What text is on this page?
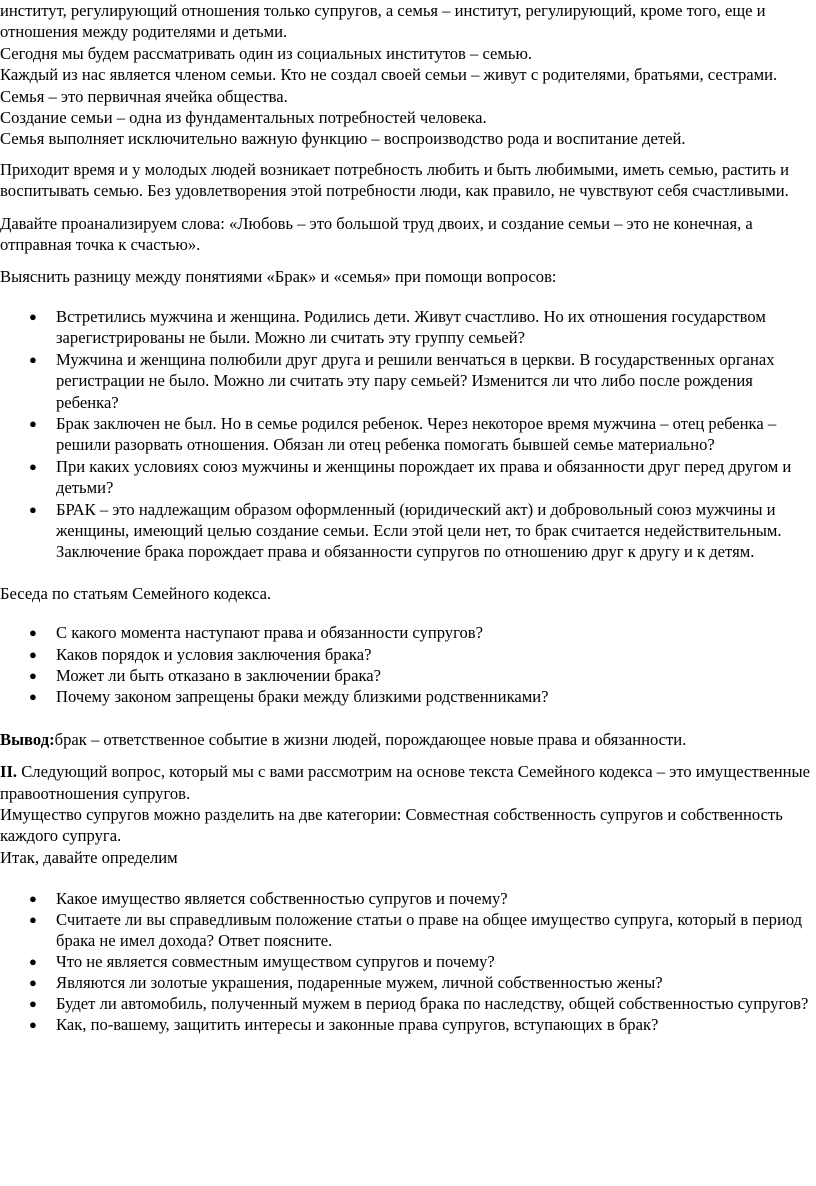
институт, регулирующий отношения только супругов, а семья – институт, регулирующий, кроме того, еще и отношения между родителями и детьми.

Сегодня мы будем рассматривать один из социальных институтов – семью.

Каждый из нас является членом семьи. Кто не создал своей семьи – живут с родителями, братьями, сестрами.

Семья – это первичная ячейка общества.

Создание семьи – одна из фундаментальных потребностей человека.

Семья выполняет исключительно важную функцию – воспроизводство рода и воспитание детей.

Приходит время и у молодых людей возникает потребность любить и быть любимыми, иметь семью, растить и воспитывать семью. Без удовлетворения этой потребности люди, как правило, не чувствуют себя счастливыми.

Давайте проанализируем слова: «Любовь – это большой труд двоих, и создание семьи – это не конечная, а отправная точка к счастью».

Выяснить разницу между понятиями «Брак» и «семья» при помощи вопросов:

● Встретились мужчина и женщина. Родились дети. Живут счастливо. Но их отношения государством зарегистрированы не были. Можно ли считать эту группу семьей?
● Мужчина и женщина полюбили друг друга и решили венчаться в церкви. В государственных органах регистрации не было. Можно ли считать эту пару семьей? Изменится ли что либо после рождения ребенка?
● Брак заключен не был. Но в семье родился ребенок. Через некоторое время мужчина – отец ребенка – решили разорвать отношения. Обязан ли отец ребенка помогать бывшей семье материально?
● При каких условиях союз мужчины и женщины порождает их права и обязанности друг перед другом и детьми?
● БРАК – это надлежащим образом оформленный (юридический акт) и добровольный союз мужчины и женщины, имеющий целью создание семьи. Если этой цели нет, то брак считается недействительным. Заключение брака порождает права и обязанности супругов по отношению друг к другу и к детям.

Беседа по статьям Семейного кодекса.

● С какого момента наступают права и обязанности супругов?
● Каков порядок и условия заключения брака?
● Может ли быть отказано в заключении брака?
● Почему законом запрещены браки между близкими родственниками?

Вывод:брак – ответственное событие в жизни людей, порождающее новые права и обязанности.

II. Следующий вопрос, который мы с вами рассмотрим на основе текста Семейного кодекса – это имущественные правоотношения супругов.

Имущество супругов можно разделить на две категории: Совместная собственность супругов и собственность каждого супруга.

Итак, давайте определим

● Какое имущество является собственностью супругов и почему?
● Считаете ли вы справедливым положение статьи о праве на общее имущество супруга, который в период брака не имел дохода? Ответ поясните.
● Что не является совместным имуществом супругов и почему?
● Являются ли золотые украшения, подаренные мужем, личной собственностью жены?
● Будет ли автомобиль, полученный мужем в период брака по наследству, общей собственностью супругов?
● Как, по-вашему, защитить интересы и законные права супругов, вступающих в брак?
